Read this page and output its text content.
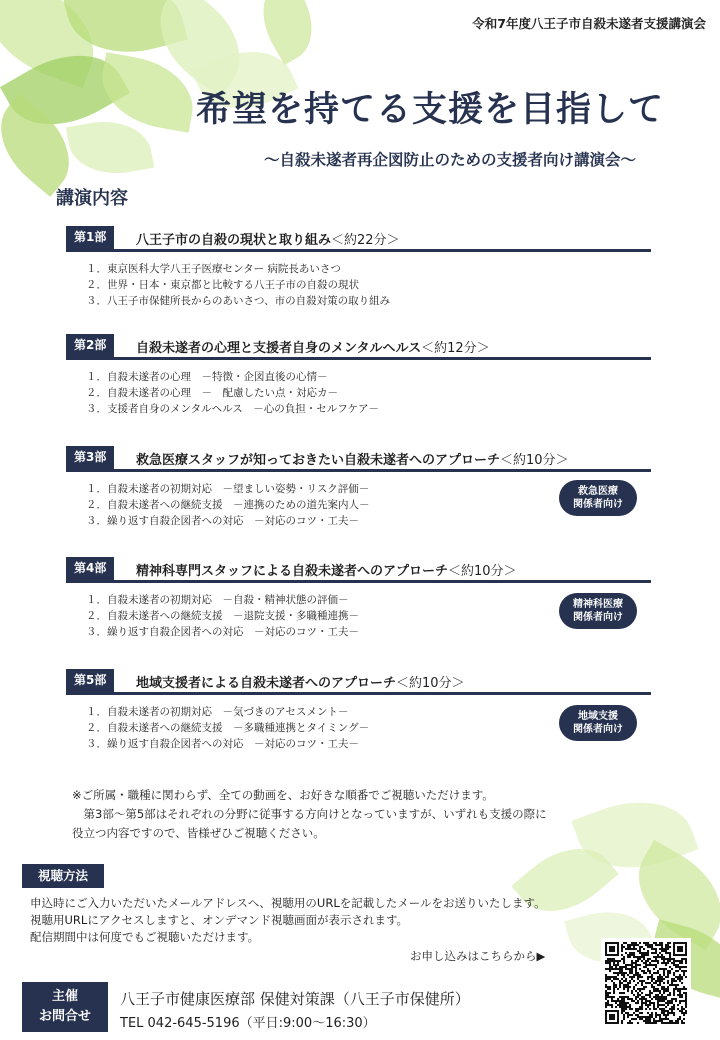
令和7年度八王子市自殺未遂者支援講演会
希望を持てる支援を目指して
～自殺未遂者再企図防止のための支援者向け講演会～
講演内容
第1部	八王子市の自殺の現状と取り組み＜約22分＞
１．東京医科大学八王子医療センター 病院長あいさつ
２．世界・日本・東京都と比較する八王子市の自殺の現状
３．八王子市保健所長からのあいさつ、市の自殺対策の取り組み
第2部	自殺未遂者の心理と支援者自身のメンタルヘルス＜約12分＞
１．自殺未遂者の心理　－特徴・企図直後の心情－
２．自殺未遂者の心理　－　配慮したい点・対応カ－
３．支援者自身のメンタルヘルス　－心の負担・セルフケア－
第3部	救急医療スタッフが知っておきたい自殺未遂者へのアプローチ＜約10分＞
１．自殺未遂者の初期対応　－望ましい姿勢・リスク評価－
２．自殺未遂者への継続支援　－連携のための道先案内人－
３．繰り返す自殺企図者への対応　－対応のコツ・工夫－
救急医療
関係者向け
第4部	精神科専門スタッフによる自殺未遂者へのアプローチ＜約10分＞
１．自殺未遂者の初期対応　－自殺・精神状態の評価－
２．自殺未遂者への継続支援　－退院支援・多職種連携－
３．繰り返す自殺企図者への対応　－対応のコツ・工夫－
精神科医療
関係者向け
第5部	地域支援者による自殺未遂者へのアプローチ＜約10分＞
１．自殺未遂者の初期対応　－気づきのアセスメント－
２．自殺未遂者への継続支援　－多職種連携とタイミング－
３．繰り返す自殺企図者への対応　－対応のコツ・工夫－
地域支援
関係者向け
※ご所属・職種に関わらず、全ての動画を、お好きな順番でご視聴いただけます。
　第3部～第5部はそれぞれの分野に従事する方向けとなっていますが、いずれも支援の際に
役立つ内容ですので、皆様ぜひご視聴ください。
視聴方法
申込時にご入力いただいたメールアドレスへ、視聴用のURLを記載したメールをお送りいたします。
視聴用URLにアクセスしますと、オンデマンド視聴画面が表示されます。
配信期間中は何度でもご視聴いただけます。
お申し込みはこちらから▶
主催
お問合せ
八王子市健康医療部 保健対策課（八王子市保健所）
TEL 042-645-5196（平日:9:00～16:30）
